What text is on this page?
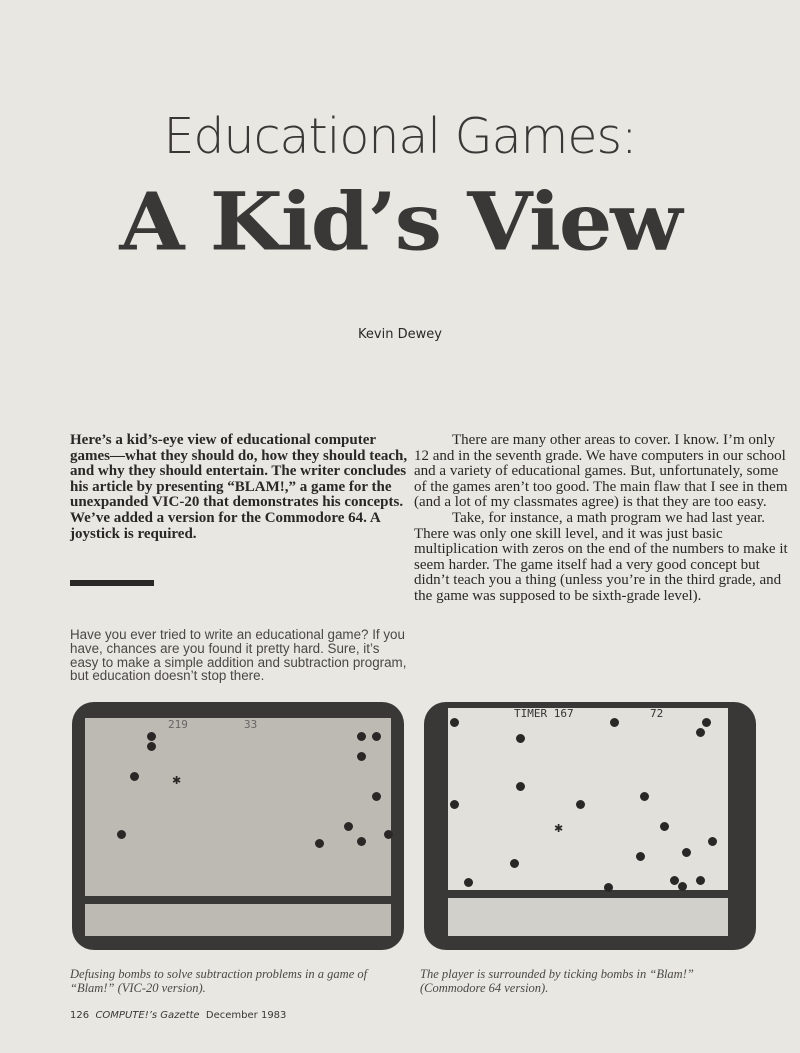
Educational Games:
A Kid’s View
Kevin Dewey
Here’s a kid’s-eye view of educational computer games—what they should do, how they should teach, and why they should entertain. The writer concludes his article by presenting “BLAM!,” a game for the unexpanded VIC-20 that demonstrates his concepts. We’ve added a version for the Commodore 64. A joystick is required.
Have you ever tried to write an educational game? If you have, chances are you found it pretty hard. Sure, it’s easy to make a simple addition and subtraction program, but education doesn’t stop there.

There are many other areas to cover. I know. I’m only 12 and in the seventh grade. We have computers in our school and a variety of educational games. But, unfortunately, some of the games aren’t too good. The main flaw that I see in them (and a lot of my classmates agree) is that they are too easy.

Take, for instance, a math program we had last year. There was only one skill level, and it was just basic multiplication with zeros on the end of the numbers to make it seem harder. The game itself had a very good concept but didn’t teach you a thing (unless you’re in the third grade, and the game was supposed to be sixth-grade level).

219	33
✱
TIMER 167	72
✱
Defusing bombs to solve subtraction problems in a game of “Blam!” (VIC-20 version).
The player is surrounded by ticking bombs in “Blam!” (Commodore 64 version).
126 COMPUTE!’s Gazette December 1983
